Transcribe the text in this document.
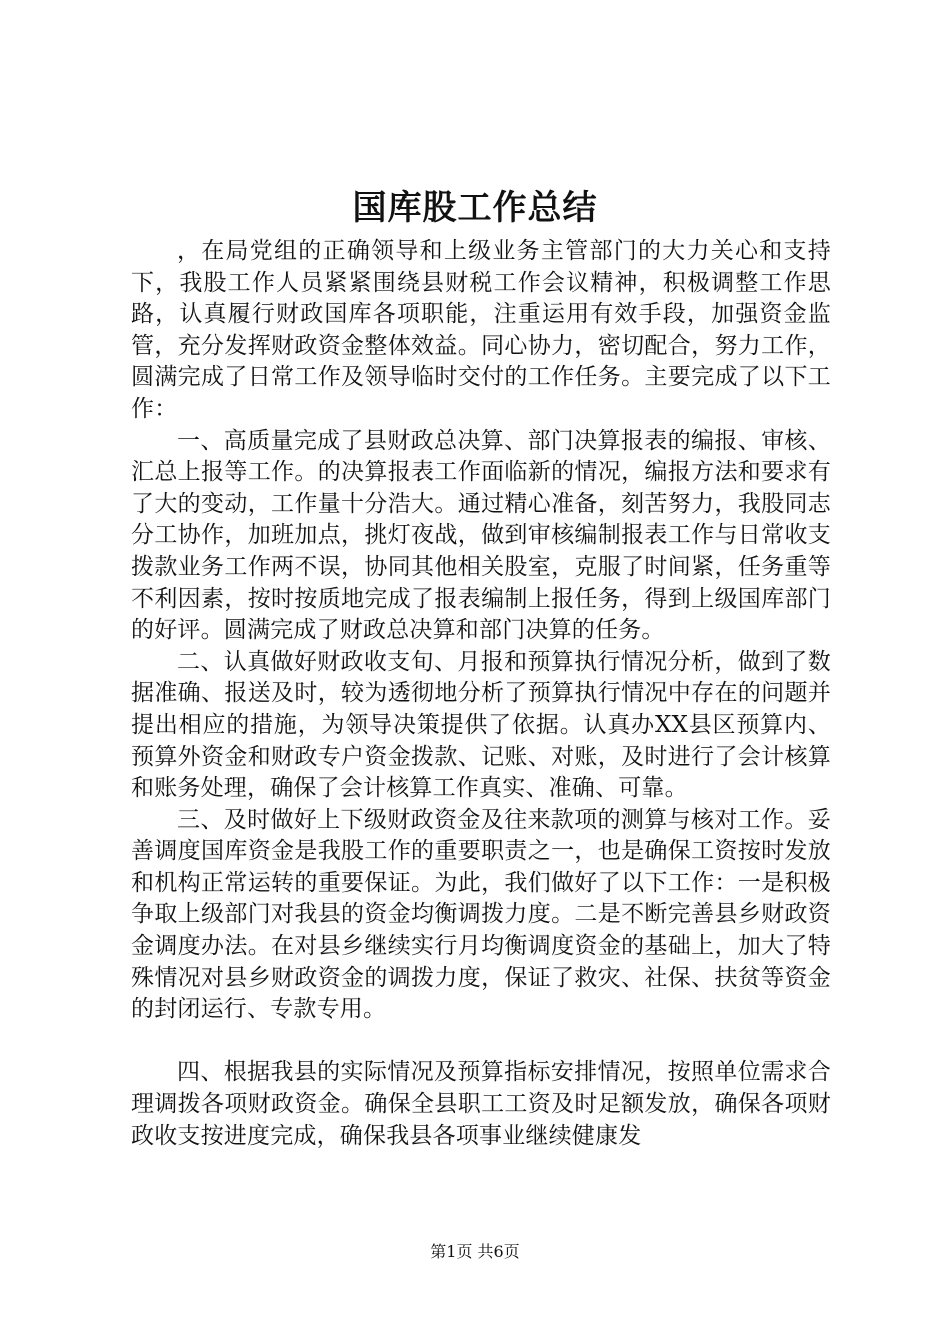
国库股工作总结

，在局党组的正确领导和上级业务主管部门的大力关心和支持下，我股工作人员紧紧围绕县财税工作会议精神，积极调整工作思路，认真履行财政国库各项职能，注重运用有效手段，加强资金监管，充分发挥财政资金整体效益。同心协力，密切配合，努力工作，圆满完成了日常工作及领导临时交付的工作任务。主要完成了以下工作：

一、高质量完成了县财政总决算、部门决算报表的编报、审核、汇总上报等工作。的决算报表工作面临新的情况，编报方法和要求有了大的变动，工作量十分浩大。通过精心准备，刻苦努力，我股同志分工协作，加班加点，挑灯夜战，做到审核编制报表工作与日常收支拨款业务工作两不误，协同其他相关股室，克服了时间紧，任务重等不利因素，按时按质地完成了报表编制上报任务，得到上级国库部门的好评。圆满完成了财政总决算和部门决算的任务。

二、认真做好财政收支旬、月报和预算执行情况分析，做到了数据准确、报送及时，较为透彻地分析了预算执行情况中存在的问题并提出相应的措施，为领导决策提供了依据。认真办XX县区预算内、预算外资金和财政专户资金拨款、记账、对账，及时进行了会计核算和账务处理，确保了会计核算工作真实、准确、可靠。

三、及时做好上下级财政资金及往来款项的测算与核对工作。妥善调度国库资金是我股工作的重要职责之一，也是确保工资按时发放和机构正常运转的重要保证。为此，我们做好了以下工作：一是积极争取上级部门对我县的资金均衡调拨力度。二是不断完善县乡财政资金调度办法。在对县乡继续实行月均衡调度资金的基础上，加大了特殊情况对县乡财政资金的调拨力度，保证了救灾、社保、扶贫等资金的封闭运行、专款专用。

四、根据我县的实际情况及预算指标安排情况，按照单位需求合理调拨各项财政资金。确保全县职工工资及时足额发放，确保各项财政收支按进度完成，确保我县各项事业继续健康发

第1页 共6页
